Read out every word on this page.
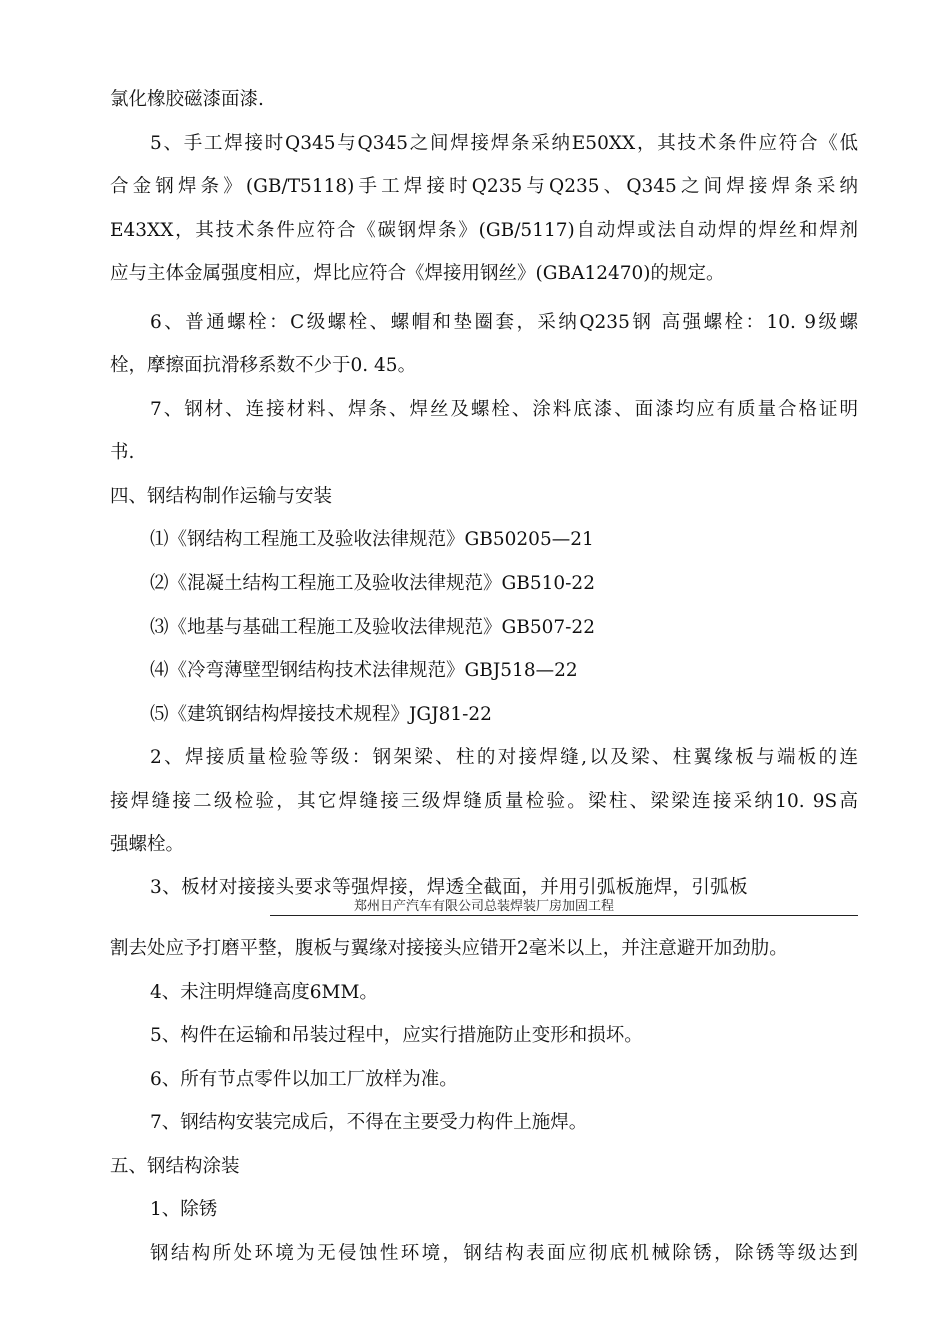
氯化橡胶磁漆面漆.
5、手工焊接时Q345与Q345之间焊接焊条采纳E50XX，其技术条件应符合《低
合金钢焊条》(GB/T5118)手工焊接时Q235与Q235、Q345之间焊接焊条采纳
E43XX，其技术条件应符合《碳钢焊条》(GB/5117)自动焊或法自动焊的焊丝和焊剂
应与主体金属强度相应，焊比应符合《焊接用钢丝》(GBA12470)的规定。
6、普通螺栓：C级螺栓、螺帽和垫圈套，采纳Q235钢 高强螺栓：10. 9级螺
栓，摩擦面抗滑移系数不少于0. 45。
7、钢材、连接材料、焊条、焊丝及螺栓、涂料底漆、面漆均应有质量合格证明
书.
四、钢结构制作运输与安装
⑴《钢结构工程施工及验收法律规范》GB50205—21
⑵《混凝土结构工程施工及验收法律规范》GB510-22
⑶《地基与基础工程施工及验收法律规范》GB507-22
⑷《冷弯薄壁型钢结构技术法律规范》GBJ518—22
⑸《建筑钢结构焊接技术规程》JGJ81-22
2、焊接质量检验等级：钢架梁、柱的对接焊缝,以及梁、柱翼缘板与端板的连
接焊缝接二级检验，其它焊缝接三级焊缝质量检验。梁柱、梁梁连接采纳10. 9S高
强螺栓。
3、板材对接接头要求等强焊接，焊透全截面，并用引弧板施焊，引弧板
郑州日产汽车有限公司总装焊装厂房加固工程
割去处应予打磨平整，腹板与翼缘对接接头应错开2毫米以上，并注意避开加劲肋。
4、未注明焊缝高度6MM。
5、构件在运输和吊装过程中，应实行措施防止变形和损坏。
6、所有节点零件以加工厂放样为准。
7、钢结构安装完成后，不得在主要受力构件上施焊。
五、钢结构涂装
1、除锈
钢结构所处环境为无侵蚀性环境，钢结构表面应彻底机械除锈，除锈等级达到
